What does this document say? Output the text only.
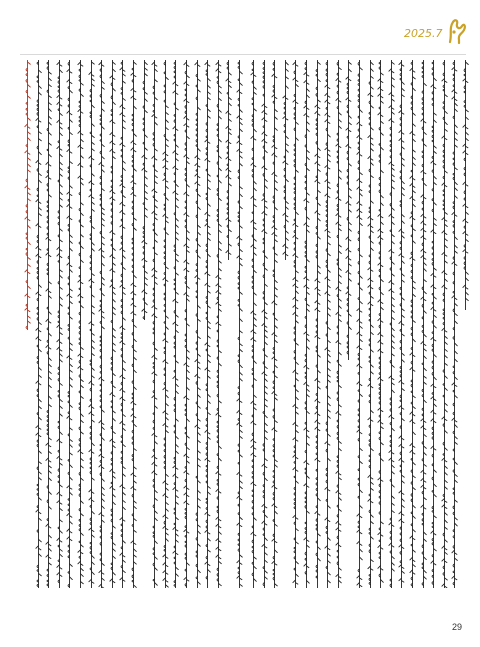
2025.7
29
